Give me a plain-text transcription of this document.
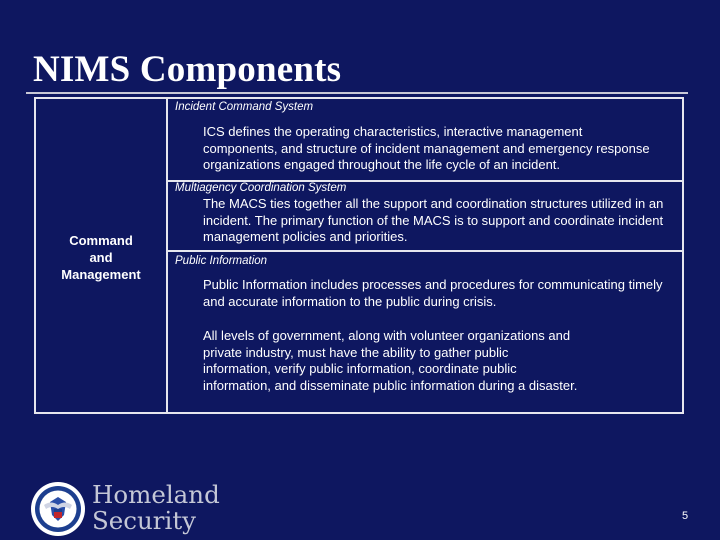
NIMS Components
Command
and
Management
Incident Command System

ICS defines the operating characteristics, interactive management components, and structure of incident management and emergency response organizations engaged throughout the life cycle of an incident.

Multiagency Coordination System

The MACS ties together all the support and coordination structures utilized in an incident. The primary function of the MACS is to support and coordinate incident management policies and priorities.

Public Information

Public Information includes processes and procedures for communicating timely and accurate information to the public during crisis.

All levels of government, along with volunteer organizations and private industry, must have the ability to gather public information, verify public information, coordinate public information, and disseminate public information during a disaster.

Homeland
Security	5
